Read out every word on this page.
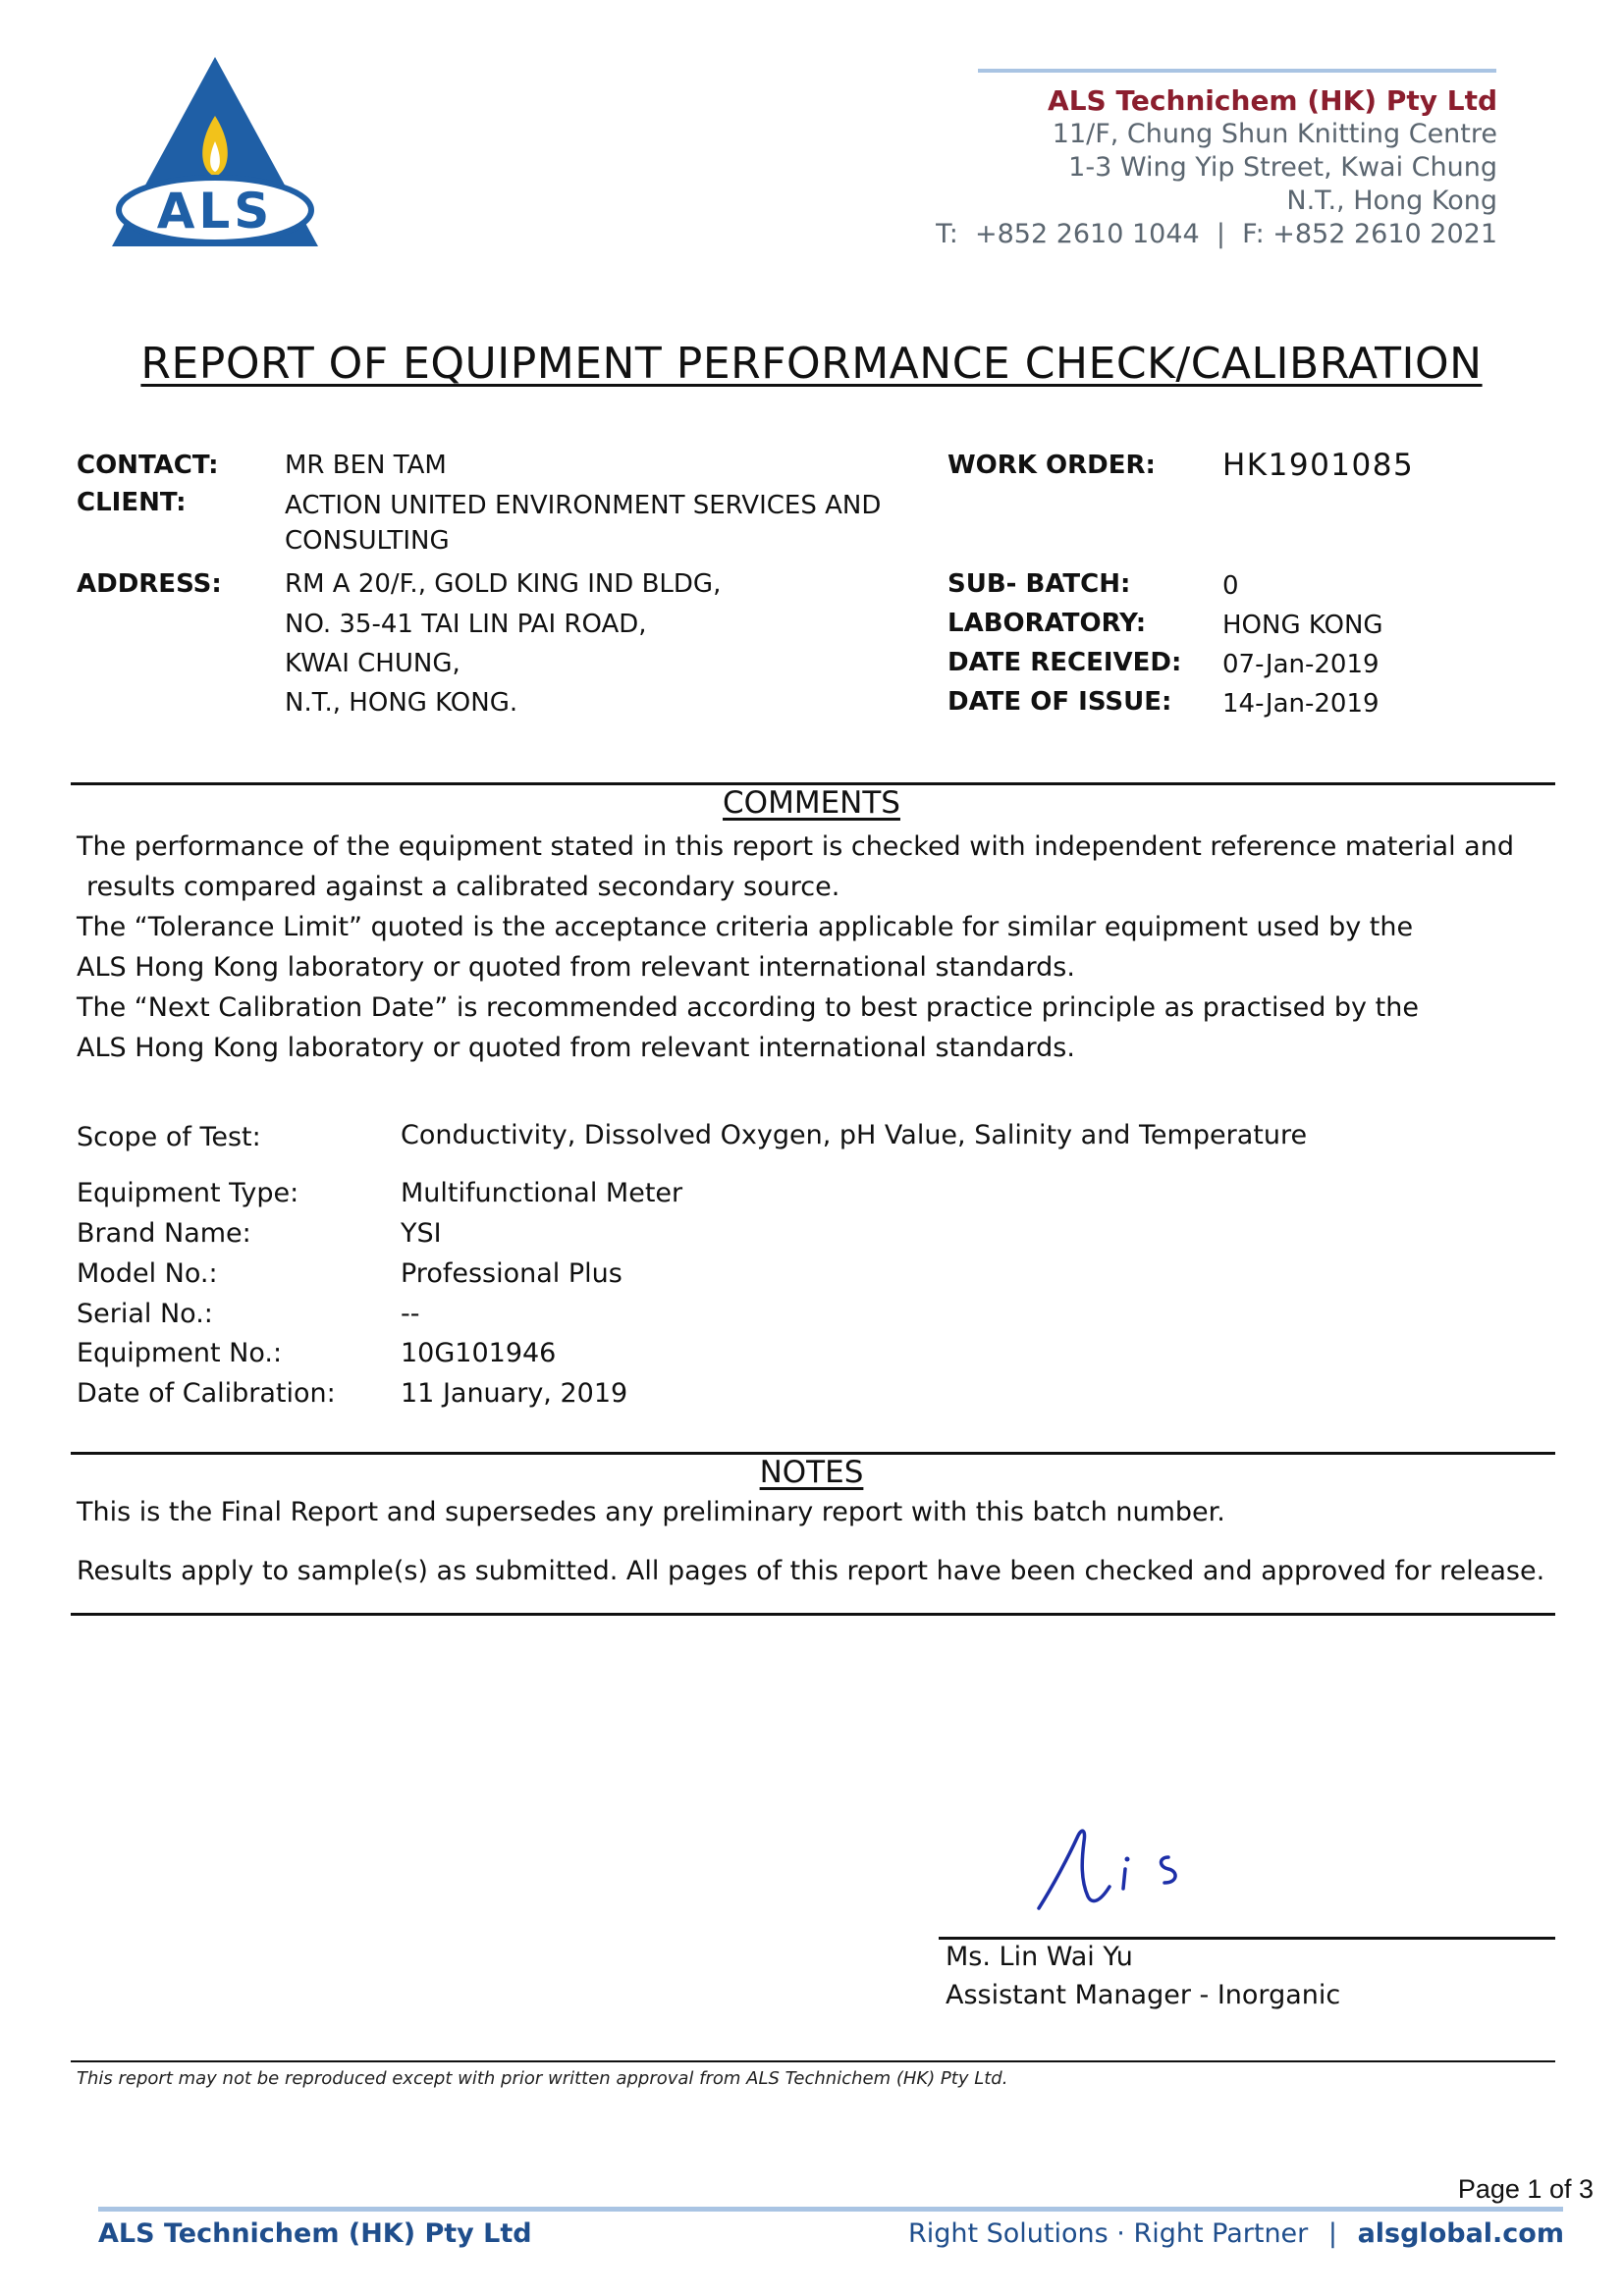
ALS
ALS Technichem (HK) Pty Ltd
11/F, Chung Shun Knitting Centre
1-3 Wing Yip Street, Kwai Chung
N.T., Hong Kong
T:  +852 2610 1044  |  F: +852 2610 2021
REPORT OF EQUIPMENT PERFORMANCE CHECK/CALIBRATION
CONTACT:	MR BEN TAM
CLIENT:	ACTION UNITED ENVIRONMENT SERVICES AND
CONSULTING
ADDRESS: RM A 20/F., GOLD KING IND BLDG,
NO. 35-41 TAI LIN PAI ROAD,
KWAI CHUNG,
N.T., HONG KONG.
WORK ORDER: HK1901085
SUB- BATCH:	0
LABORATORY:	HONG KONG
DATE RECEIVED: 07-Jan-2019
DATE OF ISSUE: 14-Jan-2019
COMMENTS
The performance of the equipment stated in this report is checked with independent reference material and
results compared against a calibrated secondary source.
The “Tolerance Limit” quoted is the acceptance criteria applicable for similar equipment used by the
ALS Hong Kong laboratory or quoted from relevant international standards.
The “Next Calibration Date” is recommended according to best practice principle as practised by the
ALS Hong Kong laboratory or quoted from relevant international standards.
Scope of Test:	Conductivity, Dissolved Oxygen, pH Value, Salinity and Temperature
Equipment Type:	Multifunctional Meter
Brand Name:	YSI
Model No.:	Professional Plus
Serial No.:	--
Equipment No.:	10G101946
Date of Calibration: 11 January, 2019
NOTES
This is the Final Report and supersedes any preliminary report with this batch number.
Results apply to sample(s) as submitted. All pages of this report have been checked and approved for release.
Ms. Lin Wai Yu
Assistant Manager - Inorganic
This report may not be reproduced except with prior written approval from ALS Technichem (HK) Pty Ltd.
Page 1 of 3
ALS Technichem (HK) Pty Ltd	Right Solutions · Right Partner | alsglobal.com
